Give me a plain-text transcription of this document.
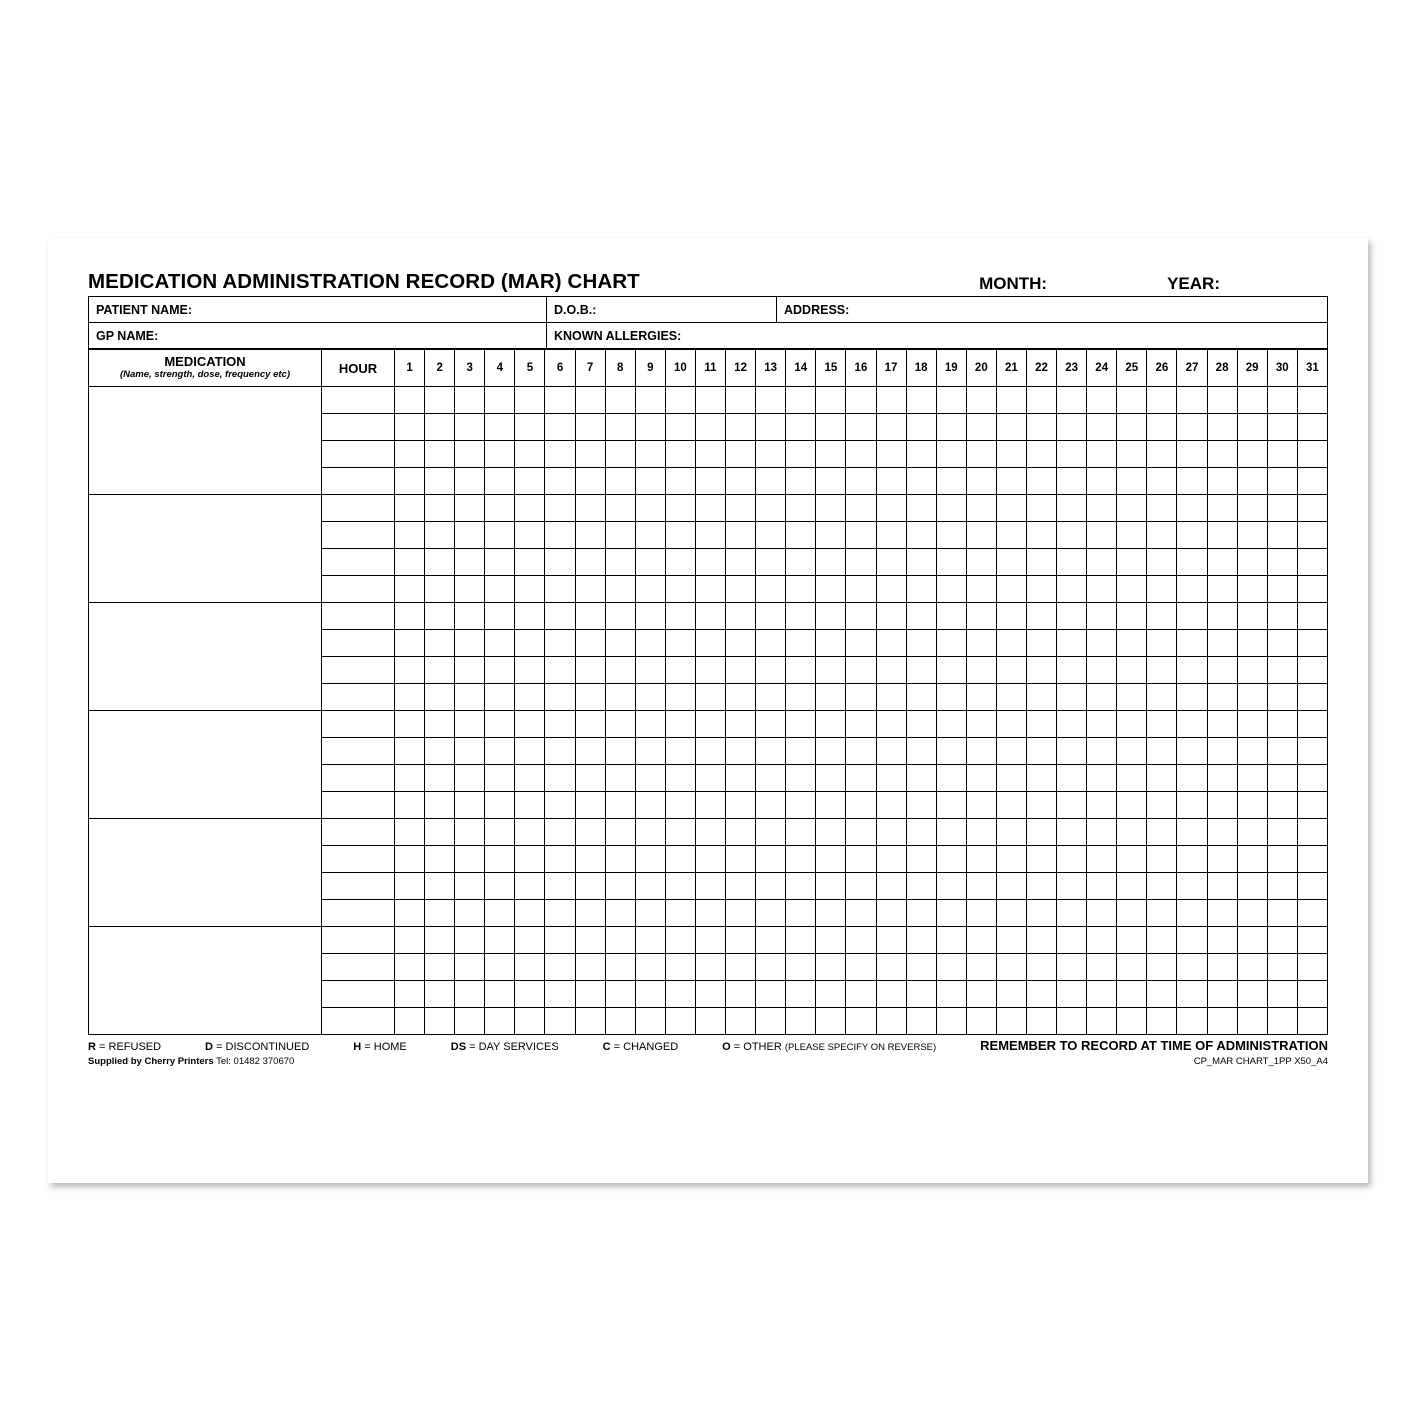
MEDICATION ADMINISTRATION RECORD (MAR) CHART	MONTH:	YEAR:
PATIENT NAME:	D.O.B.:	ADDRESS:
GP NAME:	KNOWN ALLERGIES:	
MEDICATION
(Name, strength, dose, frequency etc)	HOUR	1	2	3	4	5	6	7	8	9	10	11	12	13	14	15	16	17	18	19	20	21	22	23	24	25	26	27	28	29	30	31

R = REFUSED	D = DISCONTINUED	H = HOME	DS = DAY SERVICES	C = CHANGED	O = OTHER (PLEASE SPECIFY ON REVERSE)	REMEMBER TO RECORD AT TIME OF ADMINISTRATION
Supplied by Cherry Printers Tel: 01482 370670	CP_MAR CHART_1PP X50_A4
